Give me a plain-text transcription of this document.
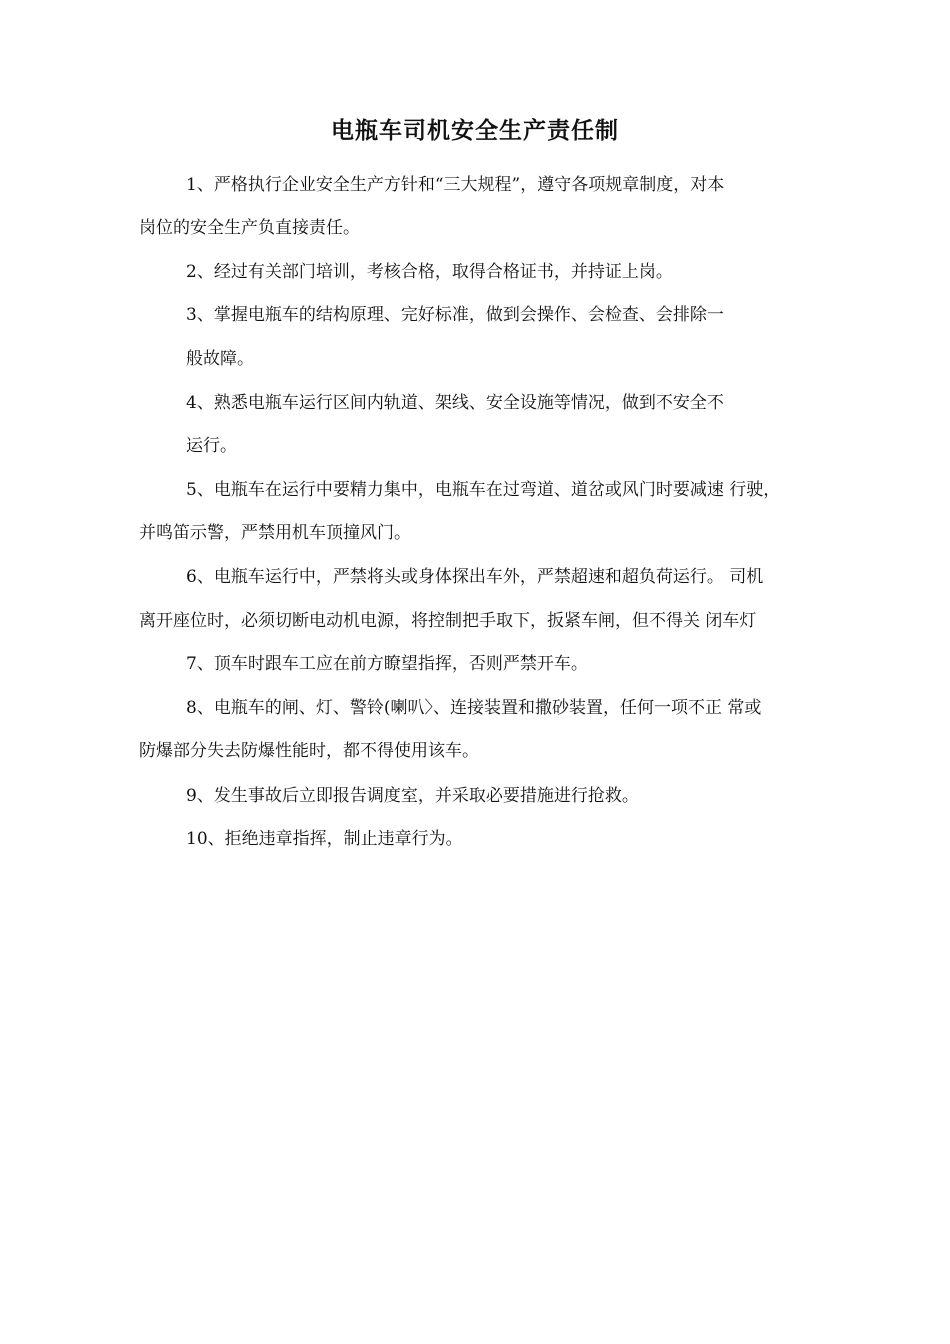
电瓶车司机安全生产责任制
1、严格执行企业安全生产方针和“三大规程”，遵守各项规章制度，对本
岗位的安全生产负直接责任。
2、经过有关部门培训，考核合格，取得合格证书，并持证上岗。
3、掌握电瓶车的结构原理、完好标准，做到会操作、会检查、会排除一
般故障。
4、熟悉电瓶车运行区间内轨道、架线、安全设施等情况，做到不安全不
运行。
5、电瓶车在运行中要精力集中，电瓶车在过弯道、道岔或风门时要减速 行驶，
并鸣笛示警，严禁用机车顶撞风门。
6、电瓶车运行中，严禁将头或身体探出车外，严禁超速和超负荷运行。 司机
离开座位时，必须切断电动机电源，将控制把手取下，扳紧车闸，但不得关 闭车灯
7、顶车时跟车工应在前方瞭望指挥，否则严禁开车。
8、电瓶车的闸、灯、警铃(喇叭〉、连接装置和撒砂装置，任何一项不正 常或
防爆部分失去防爆性能时，都不得使用该车。
9、发生事故后立即报告调度室，并采取必要措施进行抢救。
10、拒绝违章指挥，制止违章行为。
